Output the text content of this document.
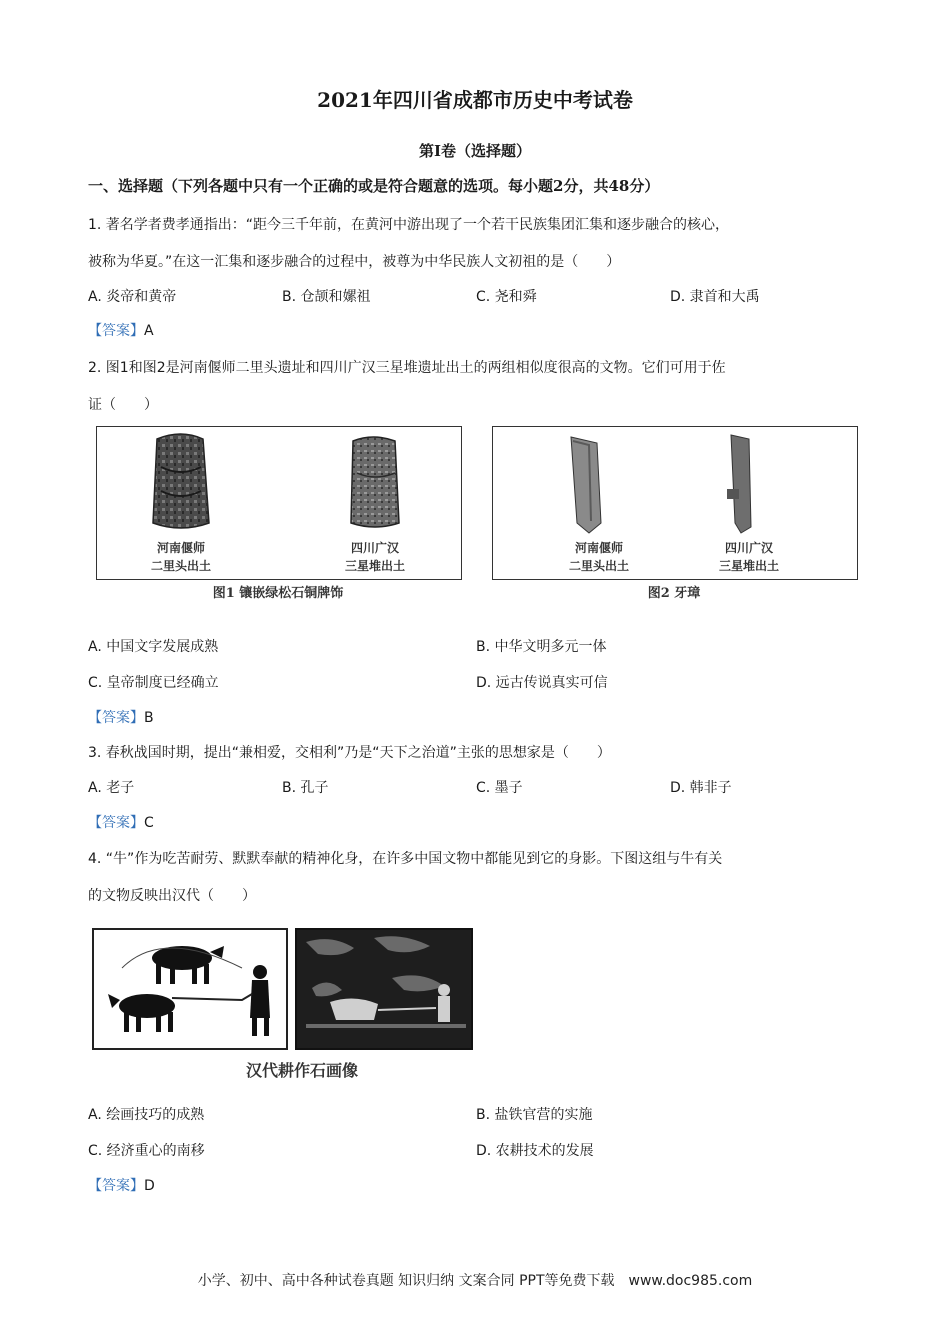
2021年四川省成都市历史中考试卷
第Ⅰ卷（选择题）
一、选择题（下列各题中只有一个正确的或是符合题意的选项。每小题2分，共48分）
1. 著名学者费孝通指出：“距今三千年前，在黄河中游出现了一个若干民族集团汇集和逐步融合的核心，
被称为华夏。”在这一汇集和逐步融合的过程中，被尊为中华民族人文初祖的是（　　）
A. 炎帝和黄帝	B. 仓颉和嫘祖	C. 尧和舜	D. 隶首和大禹
【答案】A
2. 图1和图2是河南偃师二里头遗址和四川广汉三星堆遗址出土的两组相似度很高的文物。它们可用于佐
证（　　）
河南偃师
二里头出土
四川广汉
三星堆出土
图1 镶嵌绿松石铜牌饰
河南偃师
二里头出土
四川广汉
三星堆出土
图2 牙璋
A. 中国文字发展成熟	B. 中华文明多元一体
C. 皇帝制度已经确立	D. 远古传说真实可信
【答案】B
3. 春秋战国时期，提出“兼相爱，交相利”乃是“天下之治道”主张的思想家是（　　）
A. 老子	B. 孔子	C. 墨子	D. 韩非子
【答案】C
4. “牛”作为吃苦耐劳、默默奉献的精神化身，在许多中国文物中都能见到它的身影。下图这组与牛有关
的文物反映出汉代（　　）
汉代耕作石画像
A. 绘画技巧的成熟	B. 盐铁官营的实施
C. 经济重心的南移	D. 农耕技术的发展
【答案】D
小学、初中、高中各种试卷真题 知识归纳 文案合同 PPT等免费下载　www.doc985.com
